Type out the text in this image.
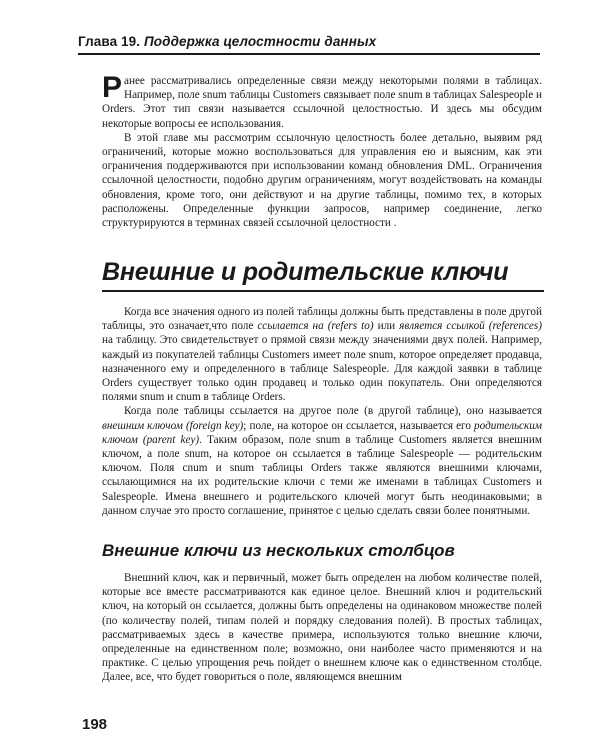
Глава 19. Поддержка целостности данных

Ранее рассматривались определенные связи между некоторыми полями в таблицах. Например, поле snum таблицы Customers связывает поле snum в таблицах Salespeople и Orders. Этот тип связи называется ссылочной целостностью. И здесь мы обсудим некоторые вопросы ее использования.

В этой главе мы рассмотрим ссылочную целостность более детально, выявим ряд ограничений, которые можно воспользоваться для управления ею и выясним, как эти ограничения поддерживаются при использовании команд обновления DML. Ограничения ссылочной целостности, подобно другим ограничениям, могут воздействовать на команды обновления, кроме того, они действуют и на другие таблицы, помимо тех, в которых расположены. Определенные функции запросов, например соединение, легко структурируются в терминах связей ссылочной целостности .

Внешние и родительские ключи

Когда все значения одного из полей таблицы должны быть представлены в поле другой таблицы, это означает,что поле ссылается на (refers to) или является ссылкой (references) на таблицу. Это свидетельствует о прямой связи между значениями двух полей. Например, каждый из покупателей таблицы Customers имеет поле snum, которое определяет продавца, назначенного ему и определенного в таблице Salespeople. Для каждой заявки в таблице Orders существует только один продавец и только один покупатель. Они определяются полями snum и cnum в таблице Orders.

Когда поле таблицы ссылается на другое поле (в другой таблице), оно называется внешним ключом (foreign key); поле, на которое он ссылается, называется его родительским ключом (parent key). Таким образом, поле snum в таблице Customers является внешним ключом, а поле snum, на которое он ссылается в таблице Salespeople — родительским ключом. Поля cnum и snum таблицы Orders также являются внешними ключами, ссылающимися на их родительские ключи с теми же именами в таблицах Customers и Salespeople. Имена внешнего и родительского ключей могут быть неодинаковыми; в данном случае это просто соглашение, принятое с целью сделать связи более понятными.

Внешние ключи из нескольких столбцов

Внешний ключ, как и первичный, может быть определен на любом количестве полей, которые все вместе рассматриваются как единое целое. Внешний ключ и родительский ключ, на который он ссылается, должны быть определены на одинаковом множестве полей (по количеству полей, типам полей и порядку следования полей). В простых таблицах, рассматриваемых здесь в качестве примера, используются только внешние ключи, определенные на единственном поле; возможно, они наиболее часто применяются и на практике. С целью упрощения речь пойдет о внешнем ключе как о единственном столбце. Далее, все, что будет говориться о поле, являющемся внешним

198
